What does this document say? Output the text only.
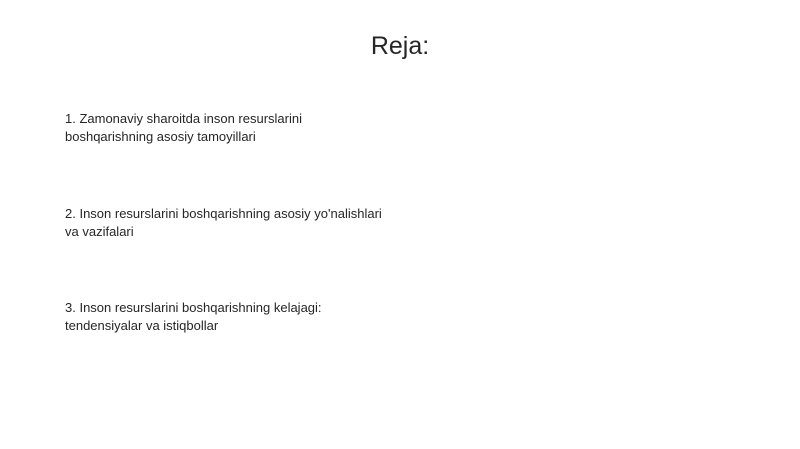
Reja:
1. Zamonaviy sharoitda inson resurslarini
boshqarishning asosiy tamoyillari
2. Inson resurslarini boshqarishning asosiy yo'nalishlari
va vazifalari
3. Inson resurslarini boshqarishning kelajagi:
tendensiyalar va istiqbollar
